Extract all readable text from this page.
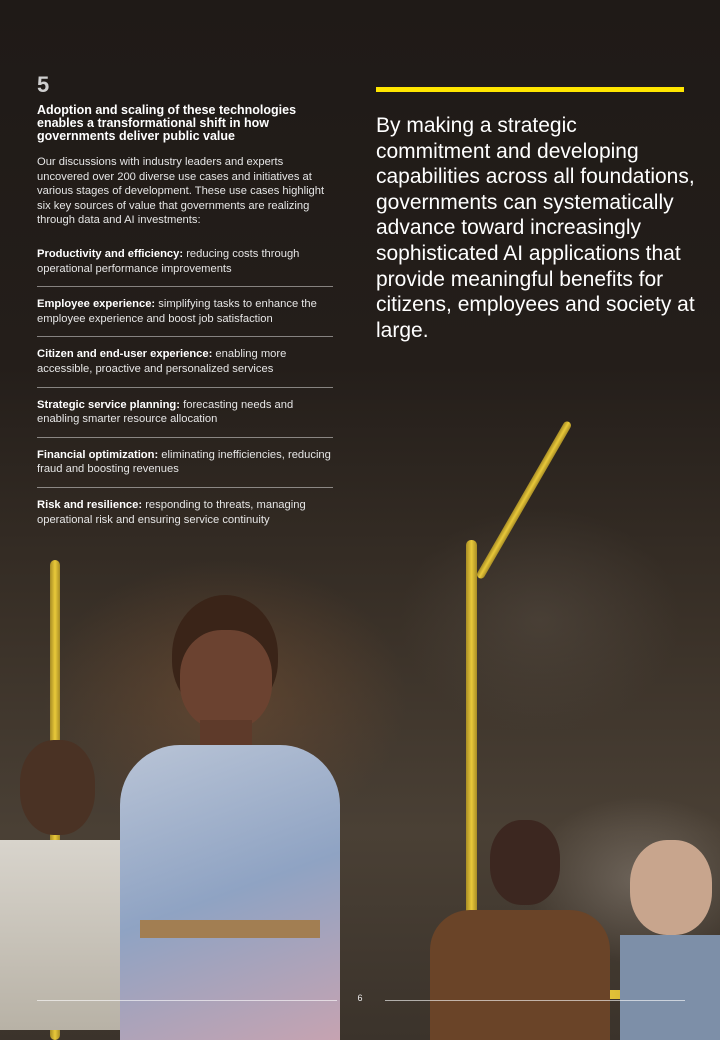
5
Adoption and scaling of these technologies enables a transformational shift in how governments deliver public value
Our discussions with industry leaders and experts uncovered over 200 diverse use cases and initiatives at various stages of development. These use cases highlight six key sources of value that governments are realizing through data and AI investments:
Productivity and efficiency: reducing costs through operational performance improvements
Employee experience: simplifying tasks to enhance the employee experience and boost job satisfaction
Citizen and end-user experience: enabling more accessible, proactive and personalized services
Strategic service planning: forecasting needs and enabling smarter resource allocation
Financial optimization: eliminating inefficiencies, reducing fraud and boosting revenues
Risk and resilience: responding to threats, managing operational risk and ensuring service continuity

By making a strategic commitment and developing capabilities across all foundations, governments can systematically advance toward increasingly sophisticated AI applications that provide meaningful benefits for citizens, employees and society at large.

6
